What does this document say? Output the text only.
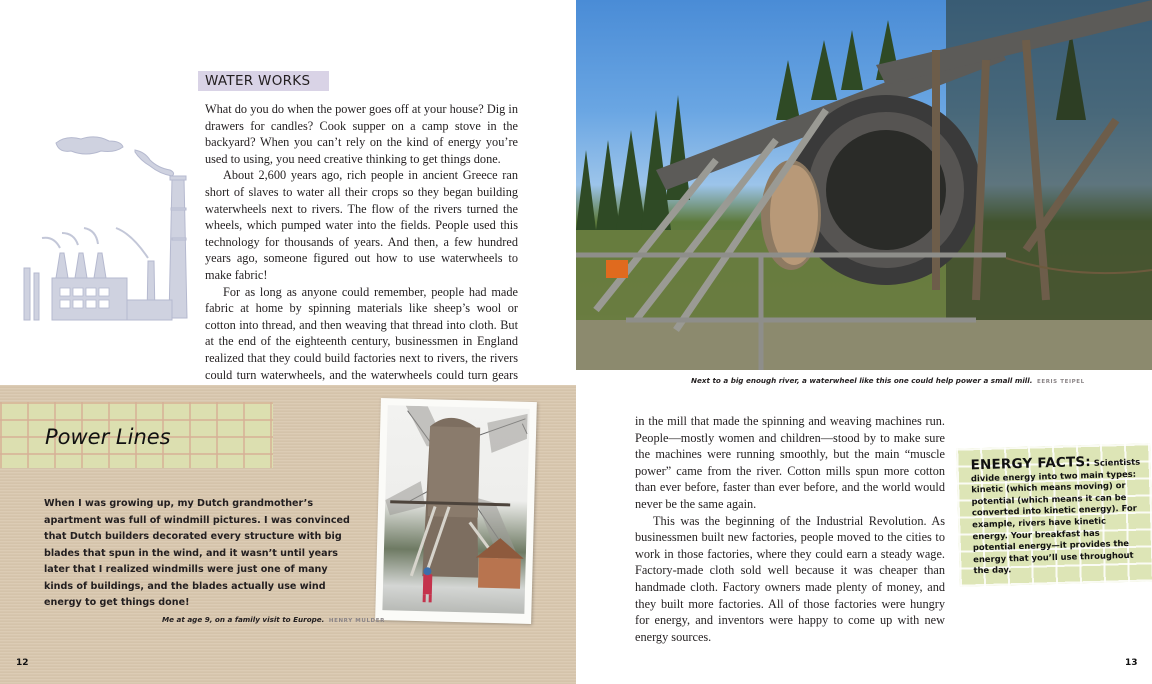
WATER WORKS

What do you do when the power goes off at your house? Dig in drawers for candles? Cook supper on a camp stove in the backyard? When you can’t rely on the kind of energy you’re used to using, you need creative thinking to get things done.

About 2,600 years ago, rich people in ancient Greece ran short of slaves to water all their crops so they began building waterwheels next to rivers. The flow of the rivers turned the wheels, which pumped water into the fields. People used this technology for thousands of years. And then, a few hundred years ago, someone figured out how to use waterwheels to make fabric!

For as long as anyone could remember, people had made fabric at home by spinning materials like sheep’s wool or cotton into thread, and then weaving that thread into cloth. But at the end of the eighteenth century, businessmen in England realized that they could build factories next to rivers, the rivers could turn waterwheels, and the waterwheels could turn gears

Power Lines

When I was growing up, my Dutch grandmother’s apartment was full of windmill pictures. I was convinced that Dutch builders decorated every structure with big blades that spun in the wind, and it wasn’t until years later that I realized windmills were just one of many kinds of buildings, and the blades actually use wind energy to get things done!

Me at age 9, on a family visit to Europe. HENRY MULDER
12
Next to a big enough river, a waterwheel like this one could help power a small mill. EERIS TEIPEL

in the mill that made the spinning and weaving machines run. People—mostly women and children—stood by to make sure the machines were running smoothly, but the main “muscle power” came from the river. Cotton mills spun more cotton than ever before, faster than ever before, and the world would never be the same again.

This was the beginning of the Industrial Revolution. As businessmen built new factories, people moved to the cities to work in those factories, where they could earn a steady wage. Factory-made cloth sold well because it was cheaper than handmade cloth. Factory owners made plenty of money, and they built more factories. All of those factories were hungry for energy, and inventors were happy to come up with new energy sources.

ENERGY FACTS: Scientists divide energy into two main types: kinetic (which means moving) or potential (which means it can be converted into kinetic energy). For example, rivers have kinetic energy. Your breakfast has potential energy—it provides the energy that you’ll use throughout the day.
13
